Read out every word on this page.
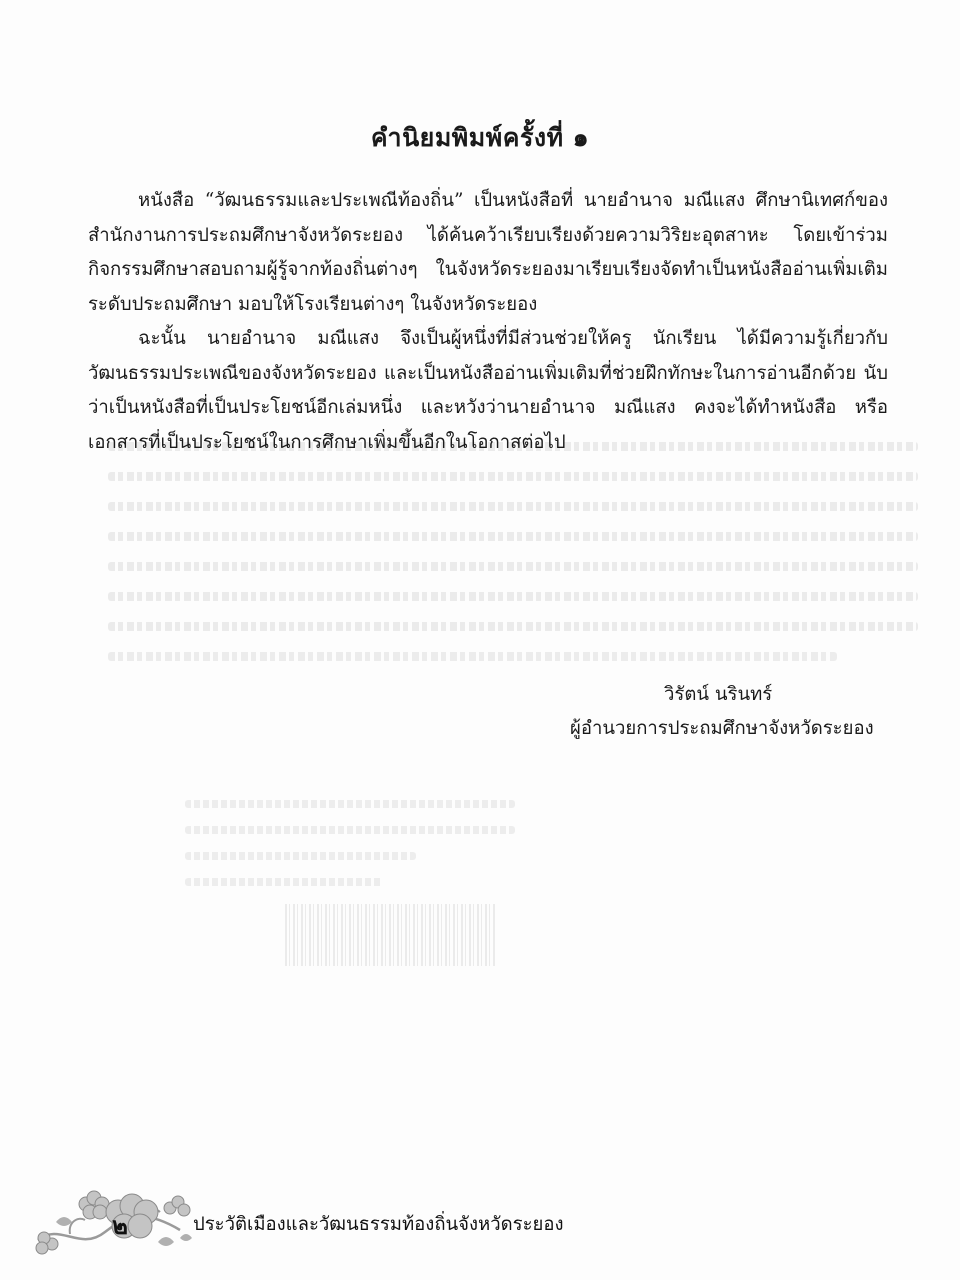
คำนิยมพิมพ์ครั้งที่ ๑

หนังสือ “วัฒนธรรมและประเพณีท้องถิ่น” เป็นหนังสือที่ นายอำนาจ มณีแสง ศึกษานิเทศก์ของสำนักงานการประถมศึกษาจังหวัดระยอง ได้ค้นคว้าเรียบเรียงด้วยความวิริยะอุตสาหะ โดยเข้าร่วมกิจกรรมศึกษาสอบถามผู้รู้จากท้องถิ่นต่างๆ ในจังหวัดระยองมาเรียบเรียงจัดทำเป็นหนังสืออ่านเพิ่มเติมระดับประถมศึกษา มอบให้โรงเรียนต่างๆ ในจังหวัดระยอง

ฉะนั้น นายอำนาจ มณีแสง จึงเป็นผู้หนึ่งที่มีส่วนช่วยให้ครู นักเรียน ได้มีความรู้เกี่ยวกับวัฒนธรรมประเพณีของจังหวัดระยอง และเป็นหนังสืออ่านเพิ่มเติมที่ช่วยฝึกทักษะในการอ่านอีกด้วย นับว่าเป็นหนังสือที่เป็นประโยชน์อีกเล่มหนึ่ง และหวังว่านายอำนาจ มณีแสง คงจะได้ทำหนังสือ หรือเอกสารที่เป็นประโยชน์ในการศึกษาเพิ่มขึ้นอีกในโอกาสต่อไป

วิรัตน์ นรินทร์
ผู้อำนวยการประถมศึกษาจังหวัดระยอง
๒	ประวัติเมืองและวัฒนธรรมท้องถิ่นจังหวัดระยอง
